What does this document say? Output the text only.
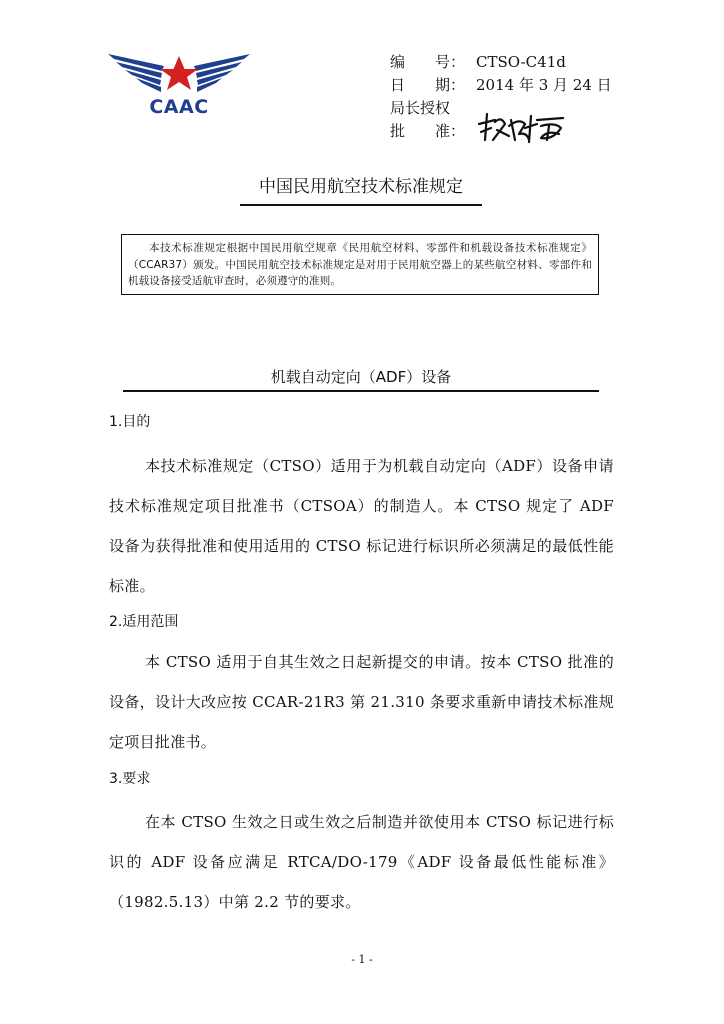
CAAC
编　　号： CTSO-C41d
日　　期： 2014 年 3 月 24 日
局长授权
批　　准：
中国民用航空技术标准规定
本技术标准规定根据中国民用航空规章《民用航空材料、零部件和机载设备技术标准规定》（CCAR37）颁发。中国民用航空技术标准规定是对用于民用航空器上的某些航空材料、零部件和机载设备接受适航审查时，必须遵守的准则。
机载自动定向（ADF）设备
1.目的
本技术标准规定（CTSO）适用于为机载自动定向（ADF）设备申请技术标准规定项目批准书（CTSOA）的制造人。本 CTSO 规定了 ADF 设备为获得批准和使用适用的 CTSO 标记进行标识所必须满足的最低性能标准。
2.适用范围
本 CTSO 适用于自其生效之日起新提交的申请。按本 CTSO 批准的设备，设计大改应按 CCAR-21R3 第 21.310 条要求重新申请技术标准规定项目批准书。
3.要求
在本 CTSO 生效之日或生效之后制造并欲使用本 CTSO 标记进行标识的 ADF 设备应满足 RTCA/DO-179《ADF 设备最低性能标准》（1982.5.13）中第 2.2 节的要求。
- 1 -
